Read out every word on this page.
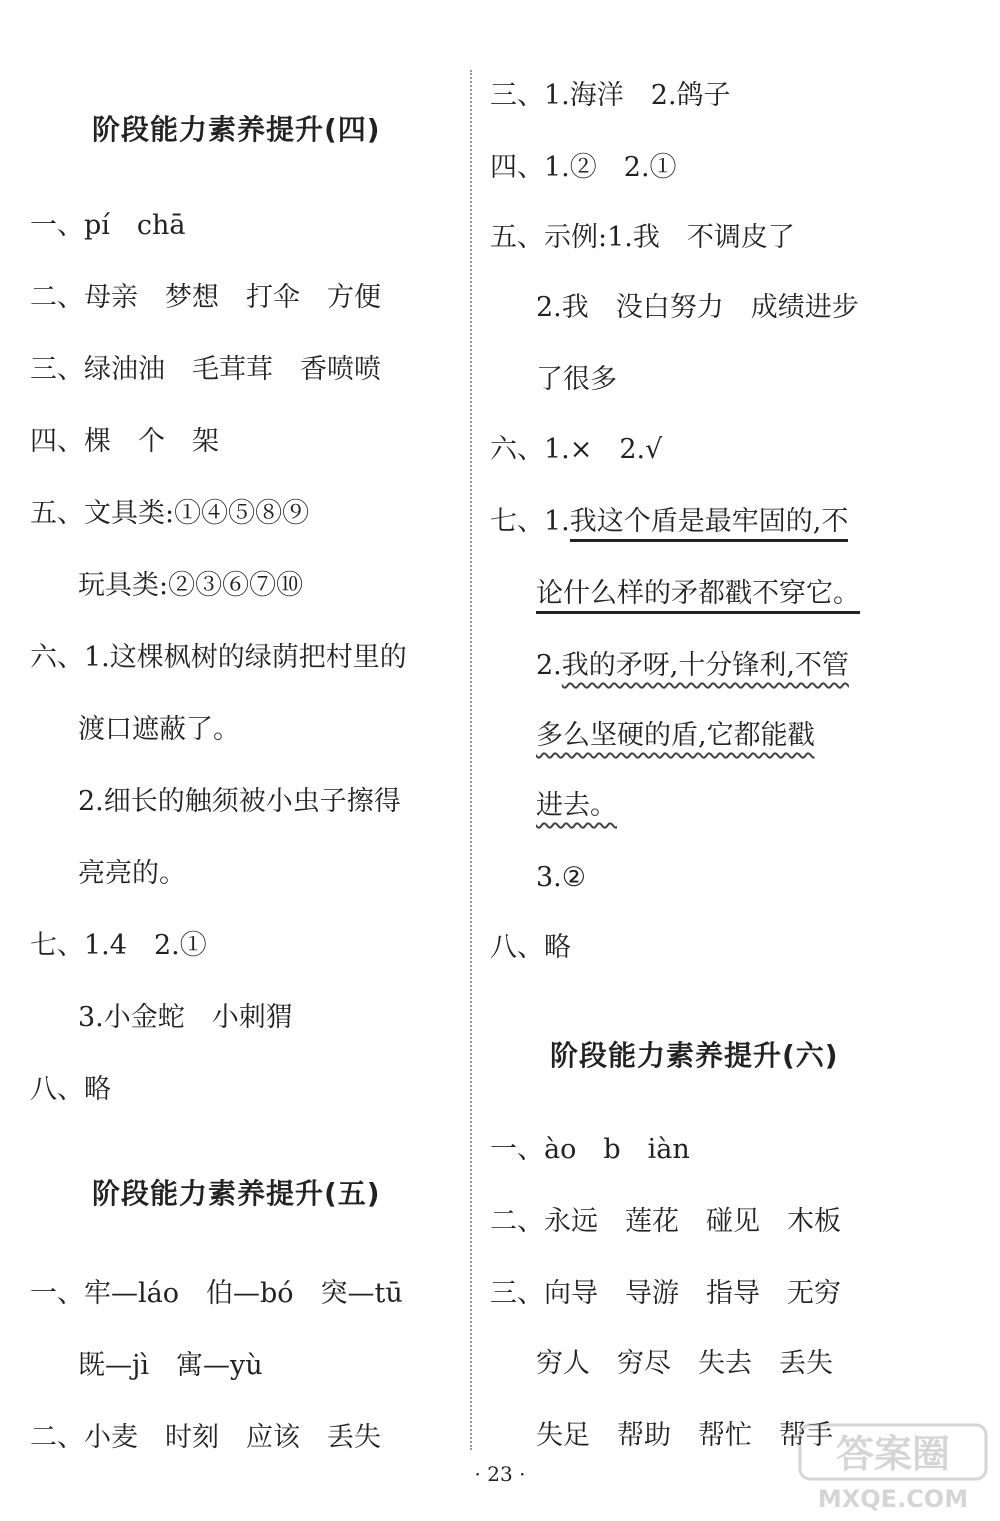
阶段能力素养提升(四)
一、pí　chā
二、母亲　梦想　打伞　方便
三、绿油油　毛茸茸　香喷喷
四、棵　个　架
五、文具类:①④⑤⑧⑨
玩具类:②③⑥⑦⑩
六、1.这棵枫树的绿荫把村里的
渡口遮蔽了。
2.细长的触须被小虫子擦得
亮亮的。
七、1.4　2.①
3.小金蛇　小刺猬
八、略
阶段能力素养提升(五)
一、牢—láo　伯—bó　突—tū
既—jì　寓—yù
二、小麦　时刻　应该　丢失
三、1.海洋　2.鸽子
四、1.②　2.①
五、示例:1.我　不调皮了
2.我　没白努力　成绩进步
了很多
六、1.×　2.√
七、1.我这个盾是最牢固的,不
论什么样的矛都戳不穿它。
2.我的矛呀,十分锋利,不管
多么坚硬的盾,它都能戳
进去。
3.②
八、略
阶段能力素养提升(六)
一、ào　b　iàn
二、永远　莲花　碰见　木板
三、向导　导游　指导　无穷
穷人　穷尽　失去　丢失
失足　帮助　帮忙　帮手
· 23 ·	答案圈
MXQE.COM
